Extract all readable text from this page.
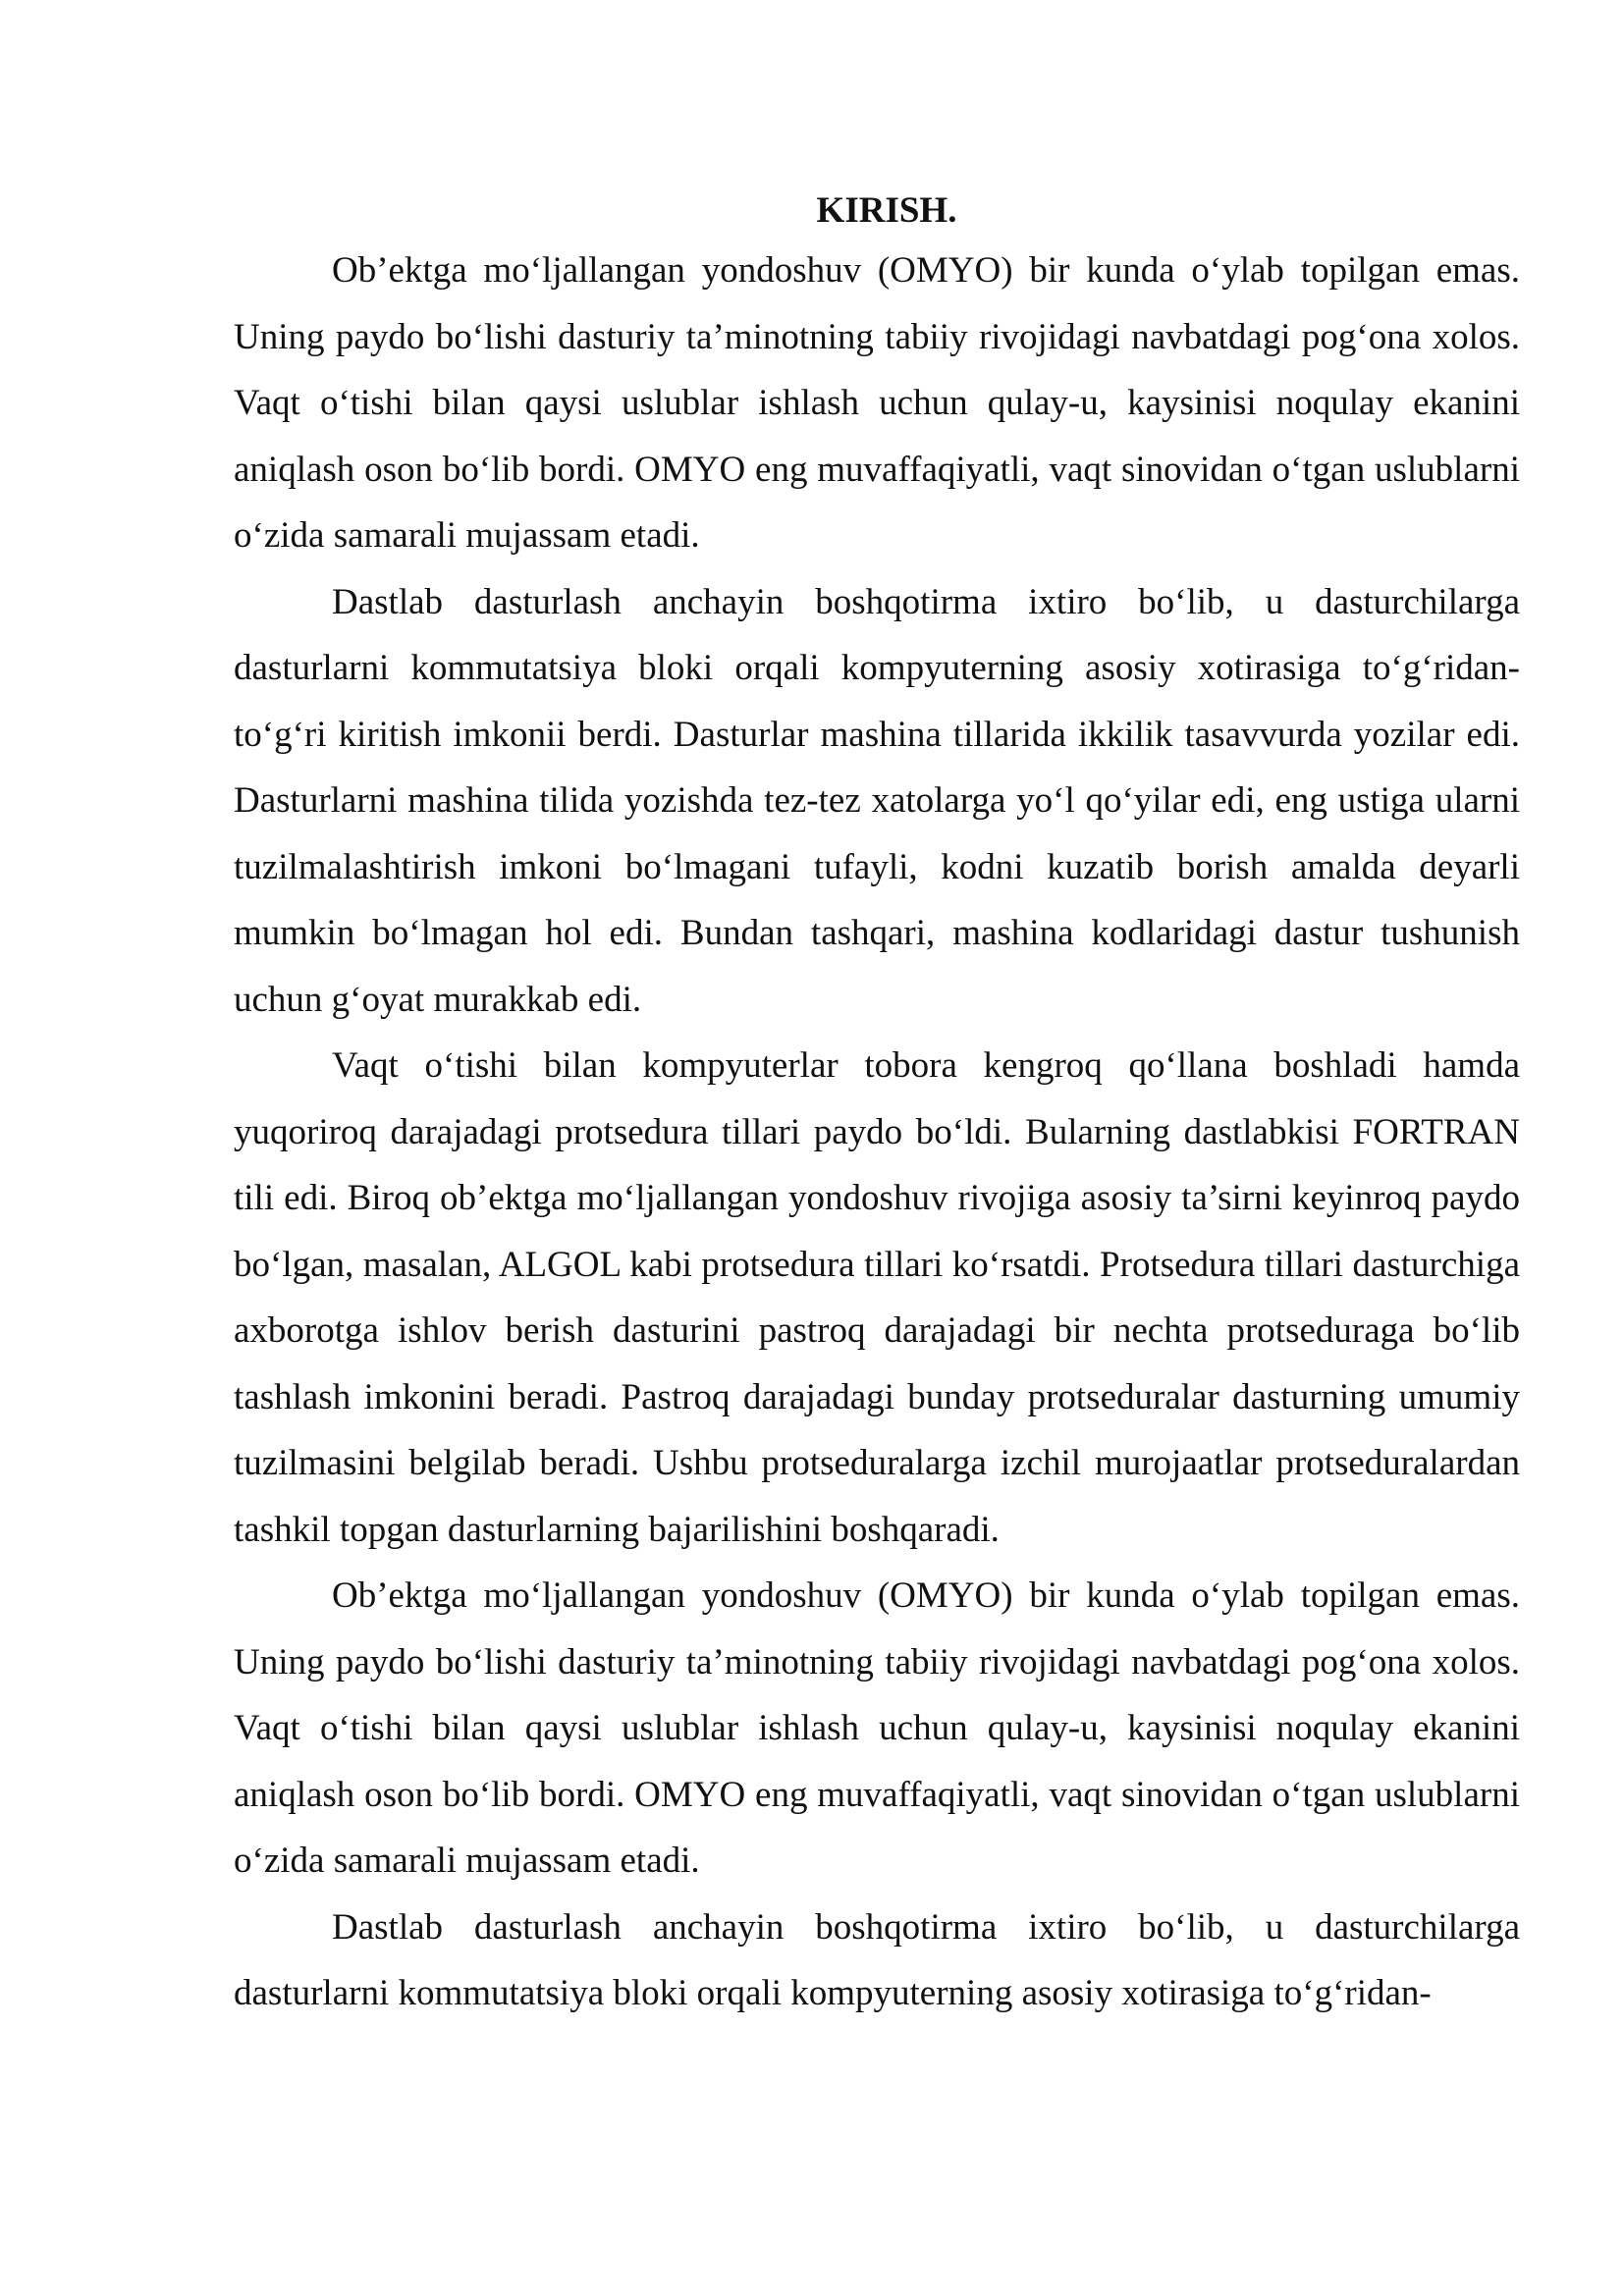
KIRISH.

Ob’ektga mo‘ljallangan yondoshuv (OMYO) bir kunda o‘ylab topilgan emas. Uning paydo bo‘lishi dasturiy ta’minotning tabiiy rivojidagi navbatdagi pog‘ona xolos. Vaqt o‘tishi bilan qaysi uslublar ishlash uchun qulay-u, kaysinisi noqulay ekanini aniqlash oson bo‘lib bordi. OMYO eng muvaffaqiyatli, vaqt sinovidan o‘tgan uslublarni o‘zida samarali mujassam etadi.

Dastlab dasturlash anchayin boshqotirma ixtiro bo‘lib, u dasturchilarga dasturlarni kommutatsiya bloki orqali kompyuterning asosiy xotirasiga to‘g‘ridan-to‘g‘ri kiritish imkonii berdi. Dasturlar mashina tillarida ikkilik tasavvurda yozilar edi. Dasturlarni mashina tilida yozishda tez-tez xatolarga yo‘l qo‘yilar edi, eng ustiga ularni tuzilmalashtirish imkoni bo‘lmagani tufayli, kodni kuzatib borish amalda deyarli mumkin bo‘lmagan hol edi. Bundan tashqari, mashina kodlaridagi dastur tushunish uchun g‘oyat murakkab edi.

Vaqt o‘tishi bilan kompyuterlar tobora kengroq qo‘llana boshladi hamda yuqoriroq darajadagi protsedura tillari paydo bo‘ldi. Bularning dastlabkisi FORTRAN tili edi. Biroq ob’ektga mo‘ljallangan yondoshuv rivojiga asosiy ta’sirni keyinroq paydo bo‘lgan, masalan, ALGOL kabi protsedura tillari ko‘rsatdi. Protsedura tillari dasturchiga axborotga ishlov berish dasturini pastroq darajadagi bir nechta protseduraga bo‘lib tashlash imkonini beradi. Pastroq darajadagi bunday protseduralar dasturning umumiy tuzilmasini belgilab beradi. Ushbu protseduralarga izchil murojaatlar protseduralardan tashkil topgan dasturlarning bajarilishini boshqaradi.

Ob’ektga mo‘ljallangan yondoshuv (OMYO) bir kunda o‘ylab topilgan emas. Uning paydo bo‘lishi dasturiy ta’minotning tabiiy rivojidagi navbatdagi pog‘ona xolos. Vaqt o‘tishi bilan qaysi uslublar ishlash uchun qulay-u, kaysinisi noqulay ekanini aniqlash oson bo‘lib bordi. OMYO eng muvaffaqiyatli, vaqt sinovidan o‘tgan uslublarni o‘zida samarali mujassam etadi.

Dastlab dasturlash anchayin boshqotirma ixtiro bo‘lib, u dasturchilarga dasturlarni kommutatsiya bloki orqali kompyuterning asosiy xotirasiga to‘g‘ridan-
